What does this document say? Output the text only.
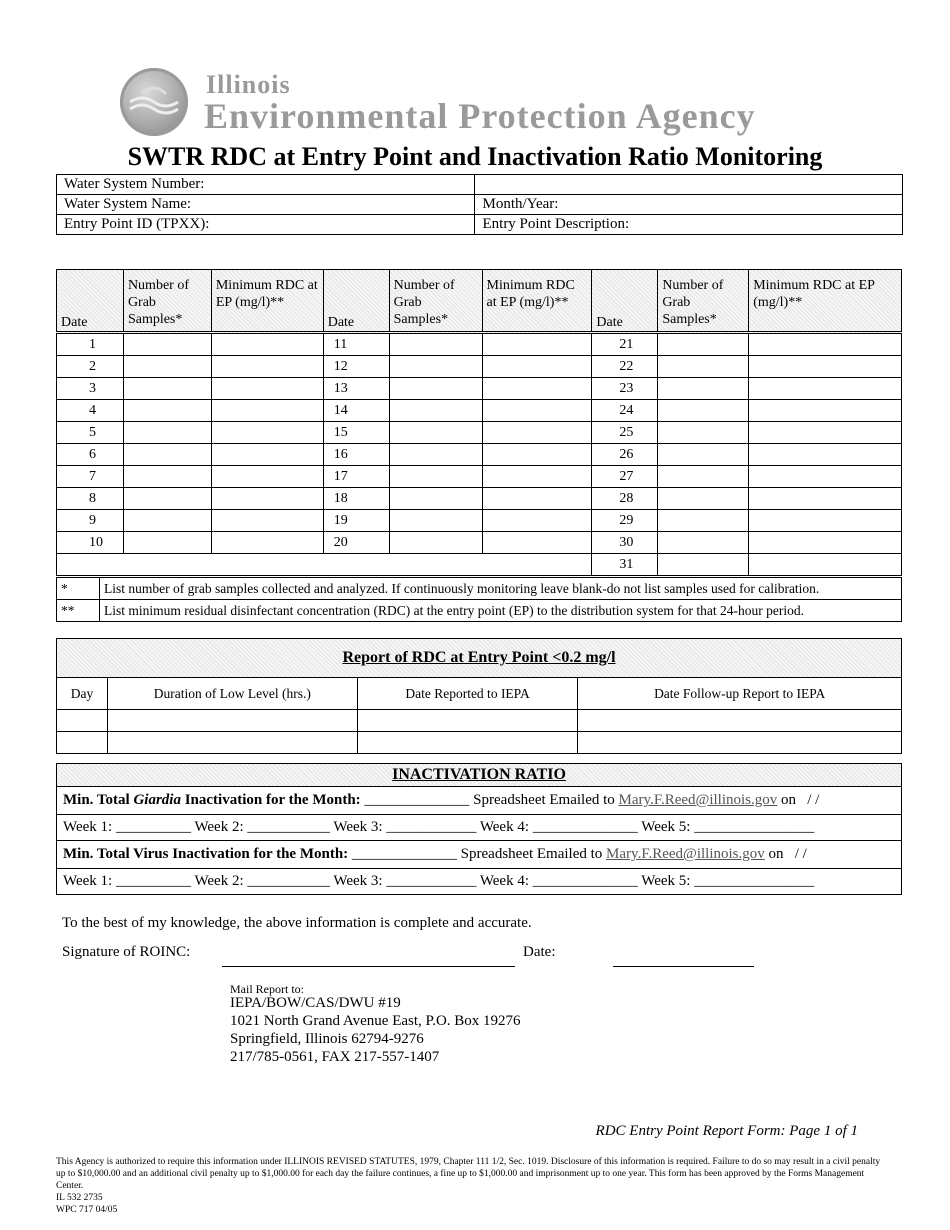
Illinois
Environmental Protection Agency
SWTR RDC at Entry Point and Inactivation Ratio Monitoring
Water System Number:	
Water System Name:	Month/Year:
Entry Point ID (TPXX):	Entry Point Description:
Date	Number of Grab Samples*	Minimum RDC at EP (mg/l)**	Date	Number of Grab Samples*	Minimum RDC at EP (mg/l)**	Date	Number of Grab Samples*	Minimum RDC at EP (mg/l)**
1			11			21		
2			12			22		
3			13			23		
4			14			24		
5			15			25		
6			16			26		
7			17			27		
8			18			28		
9			19			29		
10			20			30		
						31		
*	List number of grab samples collected and analyzed. If continuously monitoring leave blank-do not list samples used for calibration.
**	List minimum residual disinfectant concentration (RDC) at the entry point (EP) to the distribution system for that 24-hour period.
Report of RDC at Entry Point <0.2 mg/l			
Day	Duration of Low Level (hrs.)	Date Reported to IEPA	Date Follow-up Report to IEPA

INACTIVATION RATIO
Min. Total Giardia Inactivation for the Month: ______________ Spreadsheet Emailed to Mary.F.Reed@illinois.gov on / /
Week 1: __________ Week 2: ___________ Week 3: ____________ Week 4: ______________ Week 5: ________________
Min. Total Virus Inactivation for the Month: ______________ Spreadsheet Emailed to Mary.F.Reed@illinois.gov on / /
Week 1: __________ Week 2: ___________ Week 3: ____________ Week 4: ______________ Week 5: ________________
To the best of my knowledge, the above information is complete and accurate.
Signature of ROINC:	Date:
Mail Report to:
IEPA/BOW/CAS/DWU #19
1021 North Grand Avenue East, P.O. Box 19276
Springfield, Illinois 62794-9276
217/785-0561, FAX 217-557-1407
RDC Entry Point Report Form: Page 1 of 1
This Agency is authorized to require this information under ILLINOIS REVISED STATUTES, 1979, Chapter 111 1/2, Sec. 1019. Disclosure of this information is required. Failure to do so may result in a civil penalty up to $10,000.00 and an additional civil penalty up to $1,000.00 for each day the failure continues, a fine up to $1,000.00 and imprisonment up to one year. This form has been approved by the Forms Management Center.
IL 532 2735
WPC 717 04/05
